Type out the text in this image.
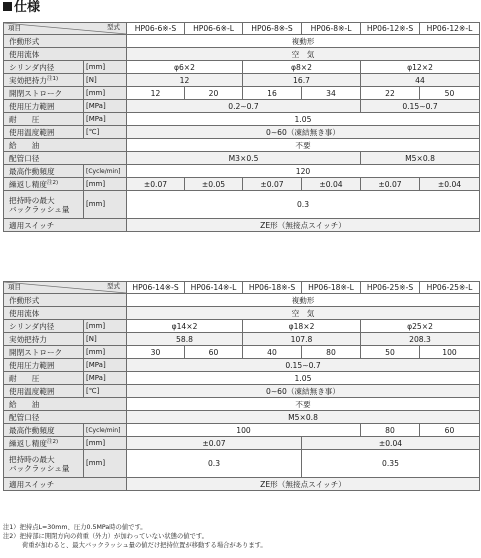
仕様
項目 型式		HP06-6※-S	HP06-6※-L	HP06-8※-S	HP06-8※-L	HP06-12※-S	HP06-12※-L
作動形式		複動形					
使用流体		空　気					
シリンダ内径	[mm]	φ6×2		φ8×2		φ12×2	
実効把持力$^{注1)}$	[N]	12		16.7		44	
開閉ストローク	[mm]	12	20	16	34	22	50
使用圧力範囲	[MPa]	0.2∼0.7				0.15∼0.7	
耐　　圧	[MPa]	1.05					
使用温度範囲	[℃]	0∼60（凍結無き事）					
給　　油		不要					
配管口径		M3×0.5				M5×0.8	
最高作動頻度	[Cycle/min]	120					
繰返し精度$^{注2)}$	[mm]	±0.07	±0.05	±0.07	±0.04	±0.07	±0.04
把持時の最大
バックラッシュ量	[mm]	0.3					
適用スイッチ		ZE形（無接点スイッチ）					
項目 型式		HP06-14※-S	HP06-14※-L	HP06-18※-S	HP06-18※-L	HP06-25※-S	HP06-25※-L
作動形式		複動形					
使用流体		空　気					
シリンダ内径	[mm]	φ14×2		φ18×2		φ25×2	
実効把持力	[N]	58.8		107.8		208.3	
開閉ストローク	[mm]	30	60	40	80	50	100
使用圧力範囲	[MPa]	0.15∼0.7					
耐　　圧	[MPa]	1.05					
使用温度範囲	[℃]	0∼60（凍結無き事）					
給　　油		不要					
配管口径		M5×0.8					
最高作動頻度	[Cycle/min]	100				80	60
繰返し精度$^{注2)}$	[mm]	±0.07			±0.04		
把持時の最大
バックラッシュ量	[mm]	0.3			0.35		
適用スイッチ		ZE形（無接点スイッチ）					
注1）把持点L=30mm、圧力0.5MPa時の値です。
注2）把持部に開閉方向の荷重（外力）が加わっていない状態の値です。
　　　荷重が加わると、最大バックラッシュ量の値だけ把持位置が移動する場合があります。
